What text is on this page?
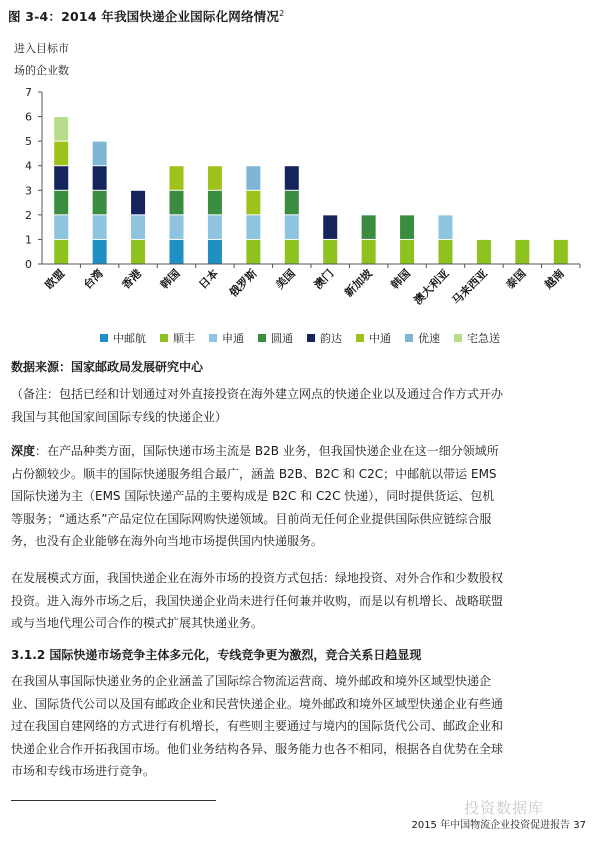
图 3-4：2014 年我国快递企业国际化网络情况$^2$
进入目标市
场的企业数
0
1
2
3
4
5
6
7
欧盟 台湾 香港 韩国 日本 俄罗斯 美国 澳门 新加坡 韩国
澳大利亚
马来西亚 泰国 越南
中邮航 顺丰 申通 圆通 韵达 中通 优速 宅急送
数据来源：国家邮政局发展研究中心
（备注：包括已经和计划通过对外直接投资在海外建立网点的快递企业以及通过合作方式开办
我国与其他国家间国际专线的快递企业）
深度：在产品种类方面，国际快递市场主流是 B2B 业务，但我国快递企业在这一细分领域所
占份额较少。顺丰的国际快递服务组合最广，涵盖 B2B、B2C 和 C2C；中邮航以带运 EMS
国际快递为主（EMS 国际快递产品的主要构成是 B2C 和 C2C 快递），同时提供货运、包机
等服务；“通达系”产品定位在国际网购快递领域。目前尚无任何企业提供国际供应链综合服
务，也没有企业能够在海外向当地市场提供国内快递服务。
在发展模式方面，我国快递企业在海外市场的投资方式包括：绿地投资、对外合作和少数股权
投资。进入海外市场之后，我国快递企业尚未进行任何兼并收购，而是以有机增长、战略联盟
或与当地代理公司合作的模式扩展其快递业务。
3.1.2 国际快递市场竞争主体多元化，专线竞争更为激烈，竞合关系日趋显现
在我国从事国际快递业务的企业涵盖了国际综合物流运营商、境外邮政和境外区域型快递企
业、国际货代公司以及国有邮政企业和民营快递企业。境外邮政和境外区域型快递企业有些通
过在我国自建网络的方式进行有机增长，有些则主要通过与境内的国际货代公司、邮政企业和
快递企业合作开拓我国市场。他们业务结构各异、服务能力也各不相同，根据各自优势在全球
市场和专线市场进行竞争。
投资数据库
2015 年中国物流企业投资促进报告 37
